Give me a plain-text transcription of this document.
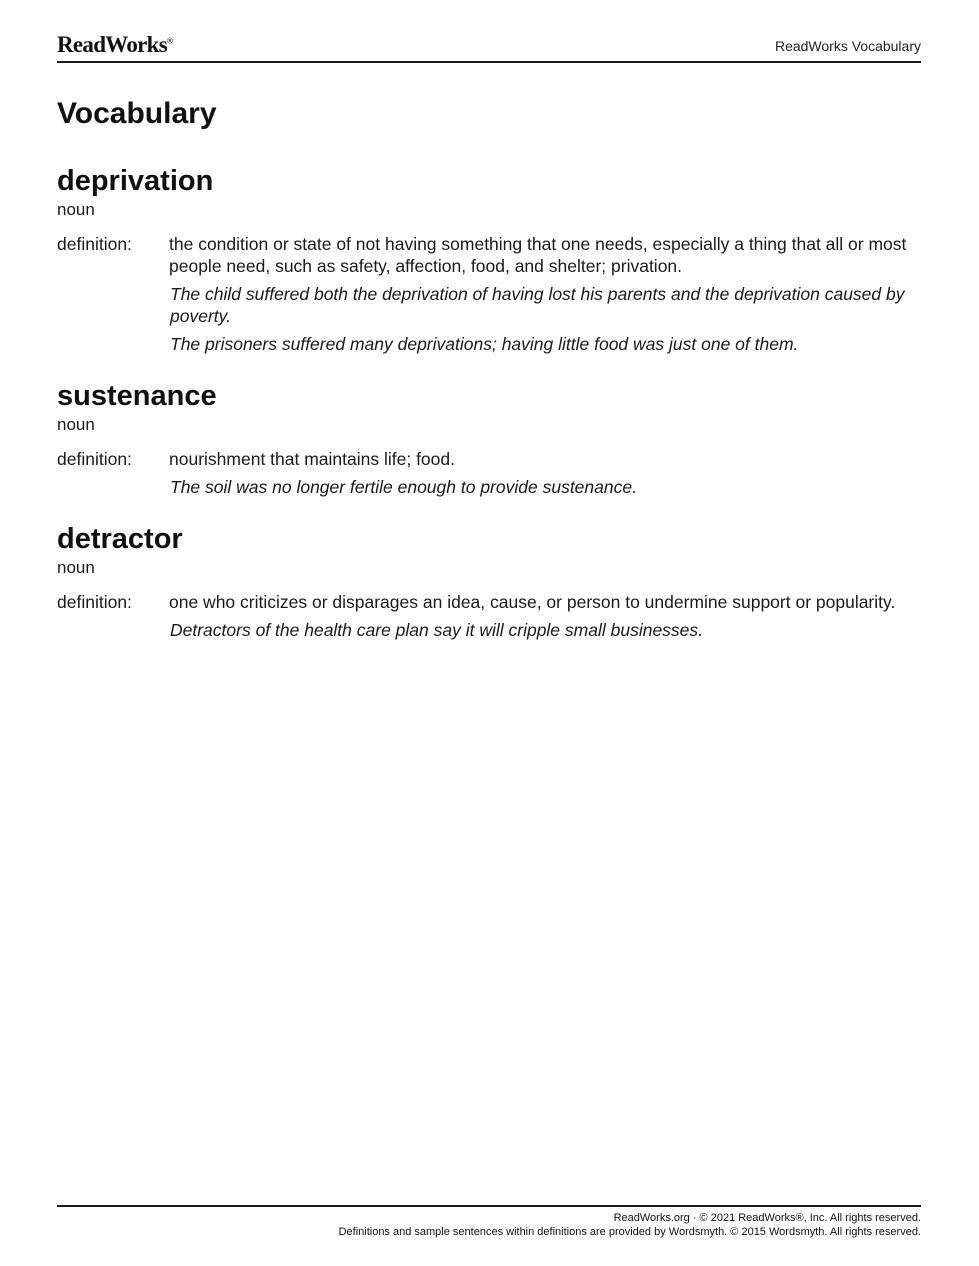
ReadWorks®	ReadWorks Vocabulary
Vocabulary
deprivation
noun
definition:	the condition or state of not having something that one needs, especially a thing that all or most people need, such as safety, affection, food, and shelter; privation.

The child suffered both the deprivation of having lost his parents and the deprivation caused by poverty.

The prisoners suffered many deprivations; having little food was just one of them.

sustenance
noun
definition:	nourishment that maintains life; food.

The soil was no longer fertile enough to provide sustenance.

detractor
noun
definition:	one who criticizes or disparages an idea, cause, or person to undermine support or popularity.

Detractors of the health care plan say it will cripple small businesses.

ReadWorks.org · © 2021 ReadWorks®, Inc. All rights reserved.
Definitions and sample sentences within definitions are provided by Wordsmyth. © 2015 Wordsmyth. All rights reserved.
